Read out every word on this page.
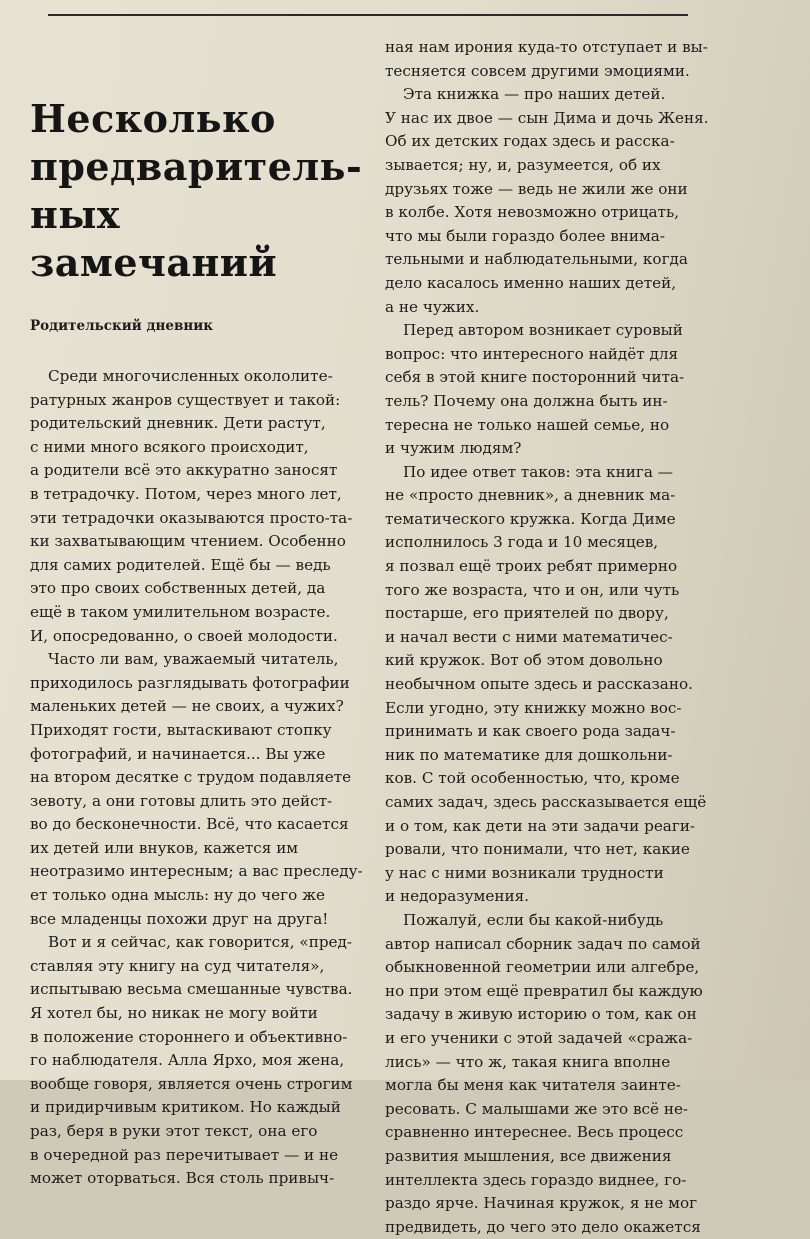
Несколько
предваритель-
ных замечаний
Родительский дневник
Среди многочисленных окололите-
ратурных жанров существует и такой:
родительский дневник. Дети растут,
с ними много всякого происходит,
а родители всё это аккуратно заносят
в тетрадочку. Потом, через много лет,
эти тетрадочки оказываются просто-та-
ки захватывающим чтением. Особенно
для самих родителей. Ещё бы — ведь
это про своих собственных детей, да
ещё в таком умилительном возрасте.
И, опосредованно, о своей молодости.
Часто ли вам, уважаемый читатель,
приходилось разглядывать фотографии
маленьких детей — не своих, а чужих?
Приходят гости, вытаскивают стопку
фотографий, и начинается... Вы уже
на втором десятке с трудом подавляете
зевоту, а они готовы длить это дейст-
во до бесконечности. Всё, что касается
их детей или внуков, кажется им
неотразимо интересным; а вас преследу-
ет только одна мысль: ну до чего же
все младенцы похожи друг на друга!
Вот и я сейчас, как говорится, «пред-
ставляя эту книгу на суд читателя»,
испытываю весьма смешанные чувства.
Я хотел бы, но никак не могу войти
в положение стороннего и объективно-
го наблюдателя. Алла Ярхо, моя жена,
вообще говоря, является очень строгим
и придирчивым критиком. Но каждый
раз, беря в руки этот текст, она его
в очередной раз перечитывает — и не
может оторваться. Вся столь привыч-
ная нам ирония куда-то отступает и вы-
тесняется совсем другими эмоциями.
Эта книжка — про наших детей.
У нас их двое — сын Дима и дочь Женя.
Об их детских годах здесь и расска-
зывается; ну, и, разумеется, об их
друзьях тоже — ведь не жили же они
в колбе. Хотя невозможно отрицать,
что мы были гораздо более внима-
тельными и наблюдательными, когда
дело касалось именно наших детей,
а не чужих.
Перед автором возникает суровый
вопрос: что интересного найдёт для
себя в этой книге посторонний чита-
тель? Почему она должна быть ин-
тересна не только нашей семье, но
и чужим людям?
По идее ответ таков: эта книга —
не «просто дневник», а дневник ма-
тематического кружка. Когда Диме
исполнилось 3 года и 10 месяцев,
я позвал ещё троих ребят примерно
того же возраста, что и он, или чуть
постарше, его приятелей по двору,
и начал вести с ними математичес-
кий кружок. Вот об этом довольно
необычном опыте здесь и рассказано.
Если угодно, эту книжку можно вос-
принимать и как своего рода задач-
ник по математике для дошкольни-
ков. С той особенностью, что, кроме
самих задач, здесь рассказывается ещё
и о том, как дети на эти задачи реаги-
ровали, что понимали, что нет, какие
у нас с ними возникали трудности
и недоразумения.
Пожалуй, если бы какой-нибудь
автор написал сборник задач по самой
обыкновенной геометрии или алгебре,
но при этом ещё превратил бы каждую
задачу в живую историю о том, как он
и его ученики с этой задачей «сража-
лись» — что ж, такая книга вполне
могла бы меня как читателя заинте-
ресовать. С малышами же это всё не-
сравненно интереснее. Весь процесс
развития мышления, все движения
интеллекта здесь гораздо виднее, го-
раздо ярче. Начиная кружок, я не мог
предвидеть, до чего это дело окажется
